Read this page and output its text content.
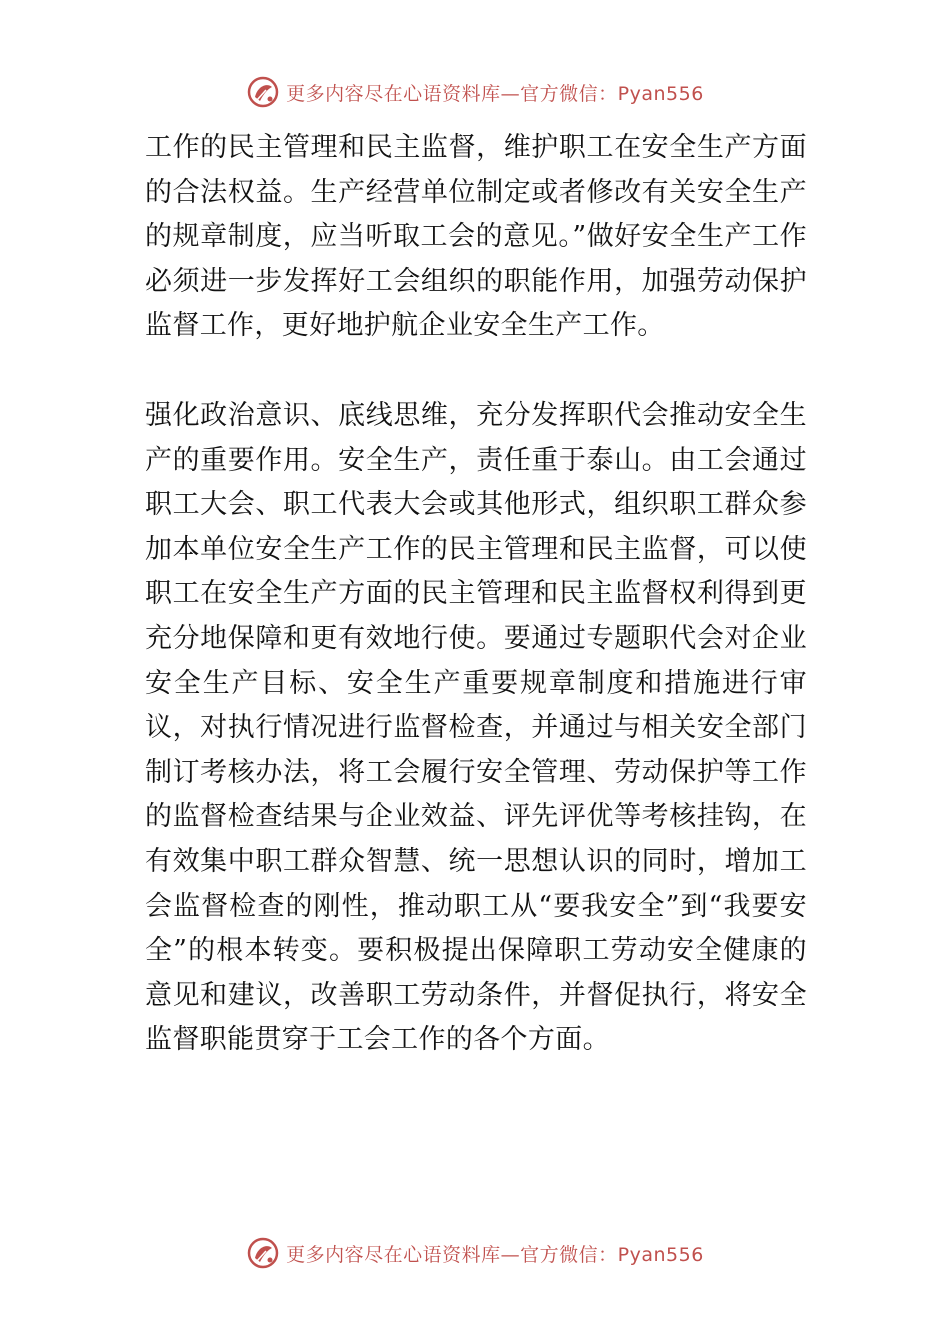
更多内容尽在心语资料库—官方微信：Pyan556

工作的民主管理和民主监督，维护职工在安全生产方面的合法权益。生产经营单位制定或者修改有关安全生产的规章制度，应当听取工会的意见。”做好安全生产工作必须进一步发挥好工会组织的职能作用，加强劳动保护监督工作，更好地护航企业安全生产工作。

强化政治意识、底线思维，充分发挥职代会推动安全生产的重要作用。安全生产，责任重于泰山。由工会通过职工大会、职工代表大会或其他形式，组织职工群众参加本单位安全生产工作的民主管理和民主监督，可以使职工在安全生产方面的民主管理和民主监督权利得到更充分地保障和更有效地行使。要通过专题职代会对企业安全生产目标、安全生产重要规章制度和措施进行审议，对执行情况进行监督检查，并通过与相关安全部门制订考核办法，将工会履行安全管理、劳动保护等工作的监督检查结果与企业效益、评先评优等考核挂钩，在有效集中职工群众智慧、统一思想认识的同时，增加工会监督检查的刚性，推动职工从“要我安全”到“我要安全”的根本转变。要积极提出保障职工劳动安全健康的意见和建议，改善职工劳动条件，并督促执行，将安全监督职能贯穿于工会工作的各个方面。

更多内容尽在心语资料库—官方微信：Pyan556
